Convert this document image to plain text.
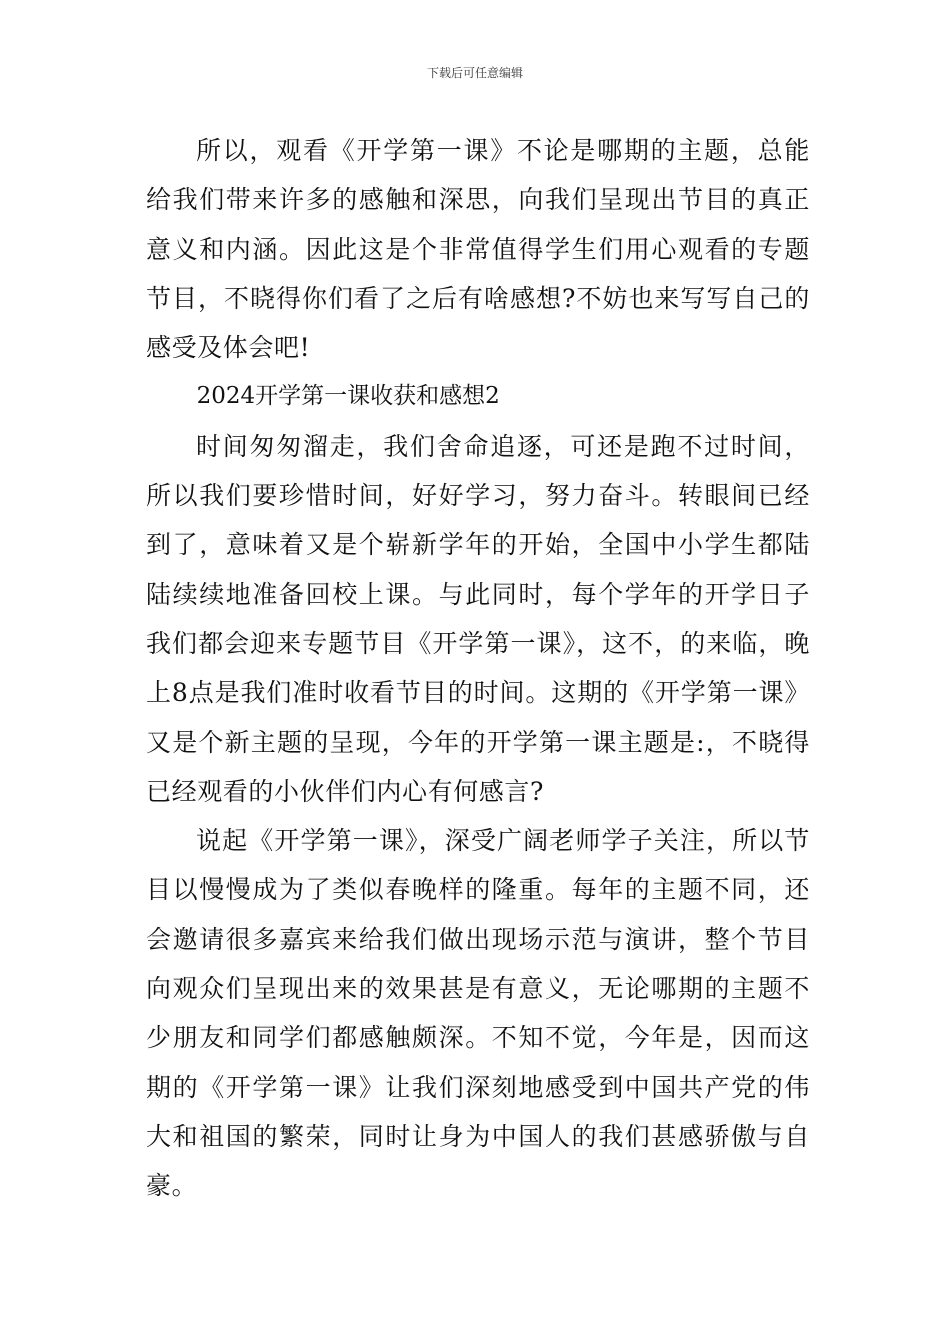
下载后可任意编辑

所以，观看《开学第一课》不论是哪期的主题，总能给我们带来许多的感触和深思，向我们呈现出节目的真正意义和内涵。因此这是个非常值得学生们用心观看的专题节目，不晓得你们看了之后有啥感想?不妨也来写写自己的感受及体会吧!

2024开学第一课收获和感想2

时间匆匆溜走，我们舍命追逐，可还是跑不过时间，所以我们要珍惜时间，好好学习，努力奋斗。转眼间已经到了，意味着又是个崭新学年的开始，全国中小学生都陆陆续续地准备回校上课。与此同时，每个学年的开学日子我们都会迎来专题节目《开学第一课》，这不，的来临，晚上8点是我们准时收看节目的时间。这期的《开学第一课》又是个新主题的呈现，今年的开学第一课主题是:，不晓得已经观看的小伙伴们内心有何感言?

说起《开学第一课》，深受广阔老师学子关注，所以节目以慢慢成为了类似春晚样的隆重。每年的主题不同，还会邀请很多嘉宾来给我们做出现场示范与演讲，整个节目向观众们呈现出来的效果甚是有意义，无论哪期的主题不少朋友和同学们都感触颇深。不知不觉，今年是，因而这期的《开学第一课》让我们深刻地感受到中国共产党的伟大和祖国的繁荣，同时让身为中国人的我们甚感骄傲与自豪。
